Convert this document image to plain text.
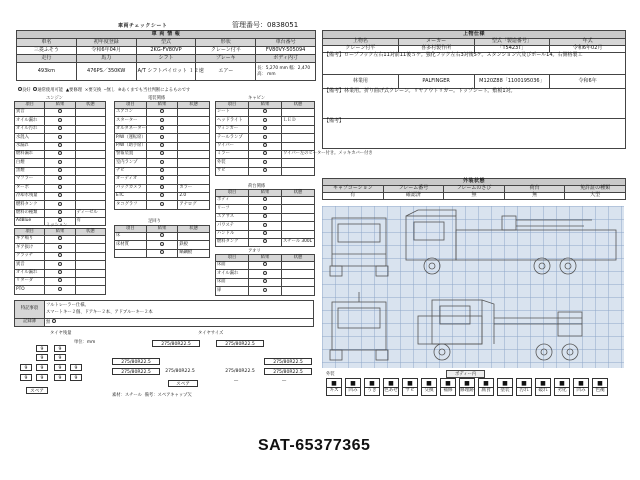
車両チェックシート	管理番号：0838051
車 両 情 報				
車名	初年度登録	型式	形状	車台番号
三菱ふそう	令和6年04月	2KG-FV80VP	クレーン付平	FV80VY-505094
走行	馬力	シフト	ブレーキ	ボディ内寸
493km	476PS／350KW	A/T シフトパイロット １２速	エアー	長：5,270 mm 幅：2,470
高： mm
良好 通常使用可能  ▲要修理  ×要交換  ─無し ※あくまでも当社判断によるものです
エンジン
項目	結果	状態
異音		
オイル漏れ		
オイル汚れ		
水混入		
水漏れ		
燃料漏れ		
白煙		
黒煙		
マフラー		
ターボ		
冷却水残量		
燃料タンク		
燃料の種類		ディーゼル
AdBlue		有
電装関係
項目	結果	状態
エアコン		
スターター		
オルタネーター		
P/W（運転席）		
P/W（助手席）		
警報装置		
室内ランプ		
ナビ		
オーディオ		
バックカメラ		カラー
ETC		2.0
タコグラフ		アナログ
キャビン
項目	結果	状態
シート		
ヘッドライト		ＬＥＤ
ウィンカー		
テールランプ		
ワイパー		
ミラー		ワイパー左のヒーター付き。メッキカバー付き
外装		
サビ		
ミッション
項目	結果	状態
ギア鳴り		
ギア抜け		
クラッチ		
異音		
オイル漏れ		
リターダ		
PTO		
足回り
項目	結果	状態
床		
床材質		鉄板
		縞鋼板
荷台関係
項目	結果	状態
ボディ		
リーフ		
エアサス		
パワステ		
ハンドル		
燃料タンク		スチール 300L
アオリ
項目	結果	状態
床面		
オイル漏れ		
床面		
扉		
特記事項	フルトレーラー仕様。
スマートキー２個、ドアキー２本、アドブルーキー２本
記録簿	無
タイヤ残量
単位：mm
9	9
9	9
9	9	9	9
9	9	9	9
スペア
タイヤサイズ
275/80R22.5	275/80R22.5
275/80R22.5	275/80R22.5
275/80R22.5	275/80R22.5
275/80R22.5	275/80R22.5
スペア
—	—
素材：スチール 備考：スペアキャップ欠
上物仕様			
上物名	メーカー	型式「製造番号」	年式
クレーン付平	喜多村製作所	「T5423T」	令和6年02月
【備考】ロープフック左右11対前11後５ケ。強化フック左右3対後5ケ。スタンション穴及びポール14。右側格製工			
林業用	PALFINGER	M120Z88「1100195036」	令和6年
【備考】林業用。折り曲げ式クレーン。リヤアウトリガー。トップシート。敷板1対。			
【備考】			
外装状態				
キャブコーション	フレーム番号	フレームのさび	荷台	免許証の種類
有	確認済	無	無	大型
外装	ボディー内
■
キズ
■
凹み
■
うき
■
色あせ
■
サビ
■
交換
■
補修
■
修理跡
■
腐食
■
塗装
■
汚れ
■
破れ
■
劣化
■
凹み
■
色褪
SAT-65377365
